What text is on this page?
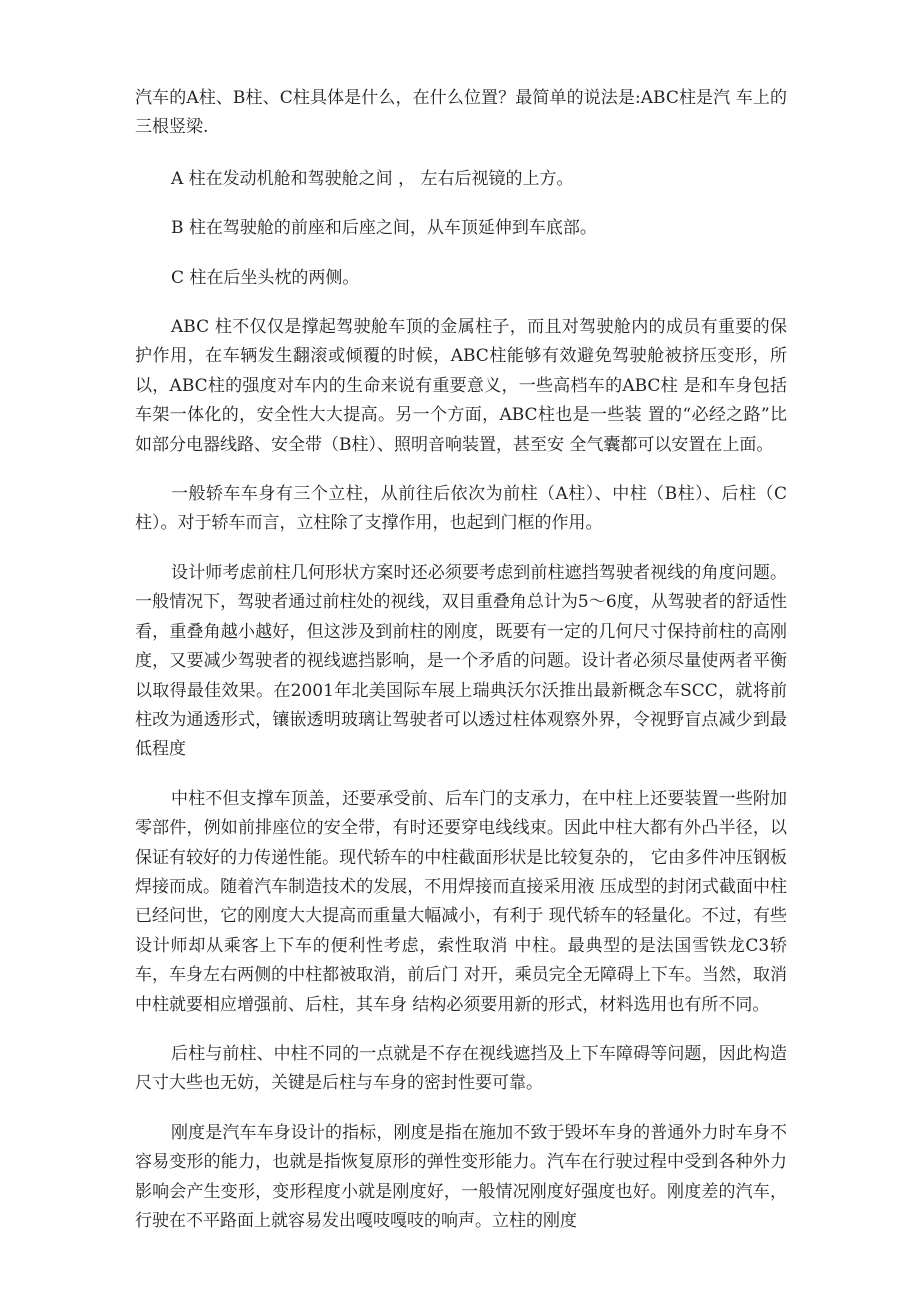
汽车的A柱、B柱、C柱具体是什么，在什么位置？最简单的说法是:ABC柱是汽 车上的三根竖梁.

A 柱在发动机舱和驾驶舱之间 ， 左右后视镜的上方。

B 柱在驾驶舱的前座和后座之间，从车顶延伸到车底部。

C 柱在后坐头枕的两侧。

ABC 柱不仅仅是撑起驾驶舱车顶的金属柱子，而且对驾驶舱内的成员有重要的保护作用，在车辆发生翻滚或倾覆的时候，ABC柱能够有效避免驾驶舱被挤压变形，所以，ABC柱的强度对车内的生命来说有重要意义，一些高档车的ABC柱 是和车身包括车架一体化的，安全性大大提高。另一个方面，ABC柱也是一些装 置的“必经之路”比如部分电器线路、安全带（B柱）、照明音响装置，甚至安 全气囊都可以安置在上面。

一般轿车车身有三个立柱，从前往后依次为前柱（A柱）、中柱（B柱）、后柱（C柱）。对于轿车而言，立柱除了支撑作用，也起到门框的作用。

设计师考虑前柱几何形状方案时还必须要考虑到前柱遮挡驾驶者视线的角度问题。一般情况下，驾驶者通过前柱处的视线，双目重叠角总计为5～6度，从驾驶者的舒适性看，重叠角越小越好，但这涉及到前柱的刚度，既要有一定的几何尺寸保持前柱的高刚度，又要减少驾驶者的视线遮挡影响，是一个矛盾的问题。设计者必须尽量使两者平衡以取得最佳效果。在2001年北美国际车展上瑞典沃尔沃推出最新概念车SCC，就将前柱改为通透形式，镶嵌透明玻璃让驾驶者可以透过柱体观察外界，令视野盲点减少到最低程度

中柱不但支撑车顶盖，还要承受前、后车门的支承力，在中柱上还要装置一些附加零部件，例如前排座位的安全带，有时还要穿电线线束。因此中柱大都有外凸半径，以保证有较好的力传递性能。现代轿车的中柱截面形状是比较复杂的， 它由多件冲压钢板焊接而成。随着汽车制造技术的发展，不用焊接而直接采用液 压成型的封闭式截面中柱已经问世，它的刚度大大提高而重量大幅减小，有利于 现代轿车的轻量化。不过，有些设计师却从乘客上下车的便利性考虑，索性取消 中柱。最典型的是法国雪铁龙C3轿车，车身左右两侧的中柱都被取消，前后门 对开，乘员完全无障碍上下车。当然，取消中柱就要相应增强前、后柱，其车身 结构必须要用新的形式，材料选用也有所不同。

后柱与前柱、中柱不同的一点就是不存在视线遮挡及上下车障碍等问题，因此构造尺寸大些也无妨，关键是后柱与车身的密封性要可靠。

刚度是汽车车身设计的指标，刚度是指在施加不致于毁坏车身的普通外力时车身不容易变形的能力，也就是指恢复原形的弹性变形能力。汽车在行驶过程中受到各种外力影响会产生变形，变形程度小就是刚度好，一般情况刚度好强度也好。刚度差的汽车，行驶在不平路面上就容易发出嘎吱嘎吱的响声。立柱的刚度
